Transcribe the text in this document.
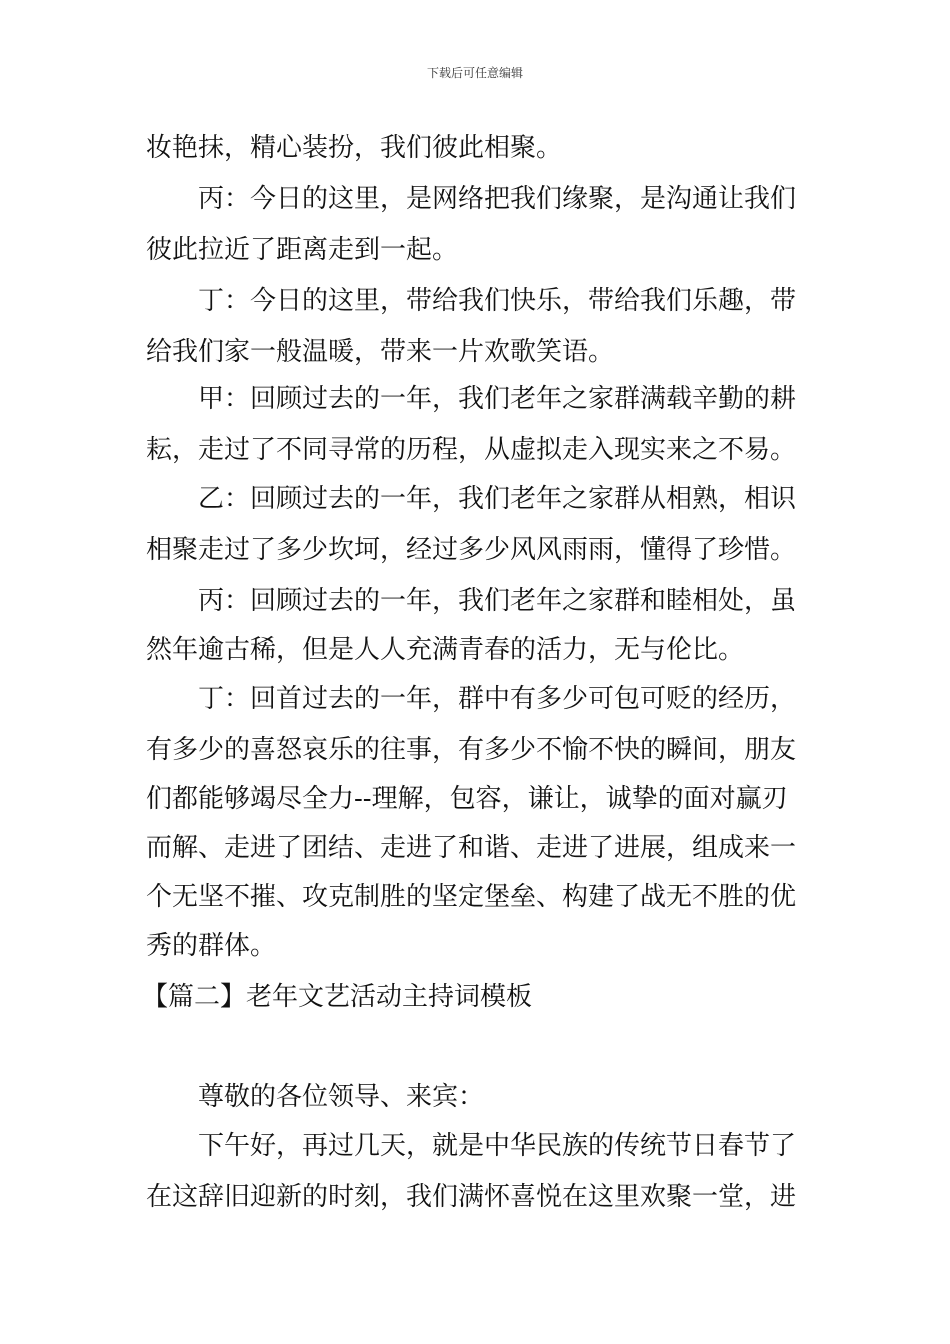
下载后可任意编辑
妆艳抹，精心装扮，我们彼此相聚。
丙：今日的这里，是网络把我们缘聚，是沟通让我们
彼此拉近了距离走到一起。
丁：今日的这里，带给我们快乐，带给我们乐趣，带
给我们家一般温暖，带来一片欢歌笑语。
甲：回顾过去的一年，我们老年之家群满载辛勤的耕
耘，走过了不同寻常的历程，从虚拟走入现实来之不易。
乙：回顾过去的一年，我们老年之家群从相熟，相识
相聚走过了多少坎坷，经过多少风风雨雨，懂得了珍惜。
丙：回顾过去的一年，我们老年之家群和睦相处，虽
然年逾古稀，但是人人充满青春的活力，无与伦比。
丁：回首过去的一年，群中有多少可包可贬的经历，
有多少的喜怒哀乐的往事，有多少不愉不快的瞬间，朋友
们都能够竭尽全力--理解，包容，谦让，诚挚的面对赢刃
而解、走进了团结、走进了和谐、走进了进展，组成来一
个无坚不摧、攻克制胜的坚定堡垒、构建了战无不胜的优
秀的群体。
【篇二】老年文艺活动主持词模板
尊敬的各位领导、来宾：
下午好，再过几天，就是中华民族的传统节日春节了
在这辞旧迎新的时刻，我们满怀喜悦在这里欢聚一堂，进
